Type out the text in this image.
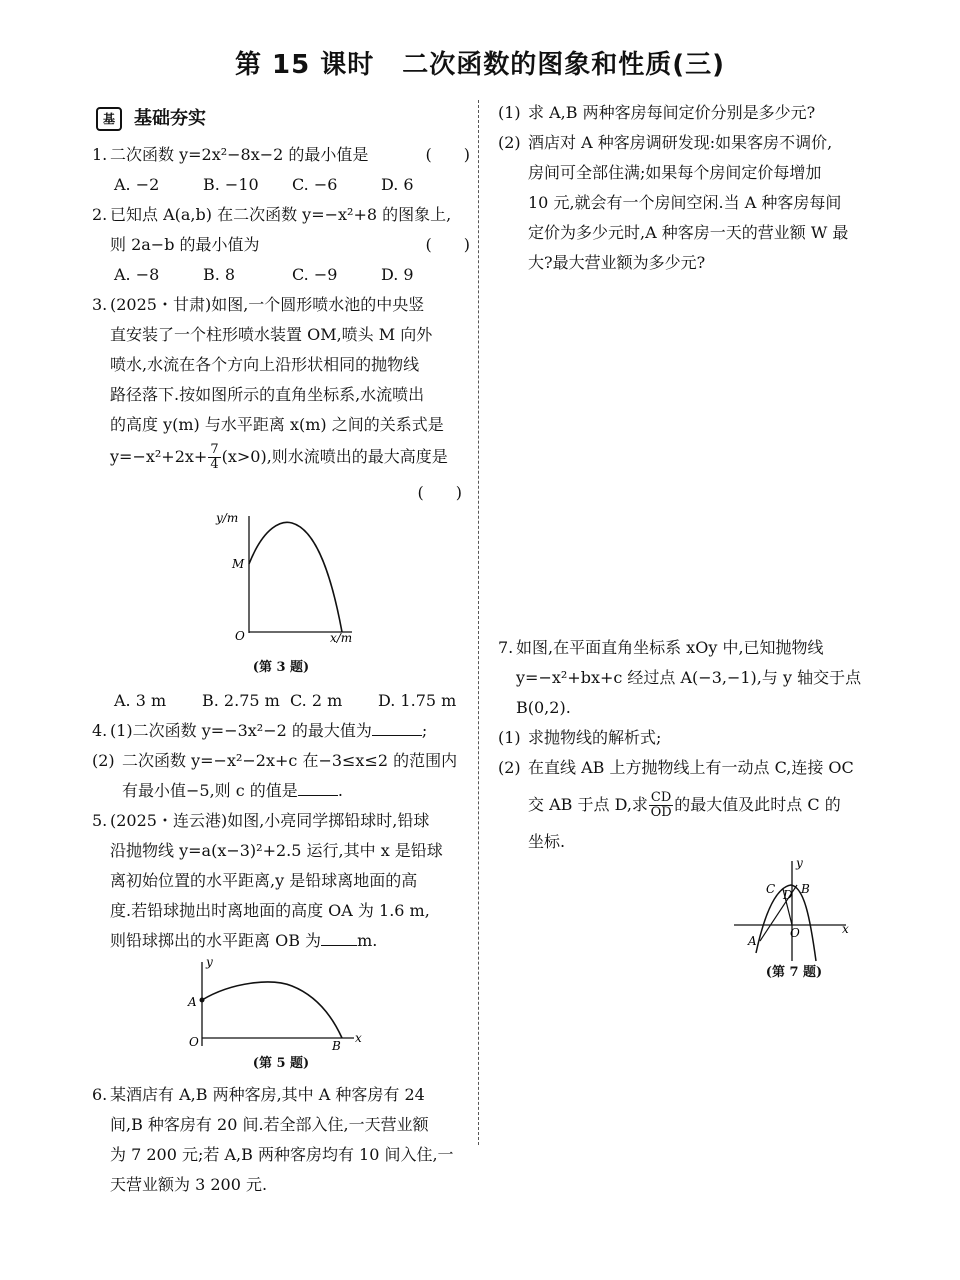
第 15 课时 二次函数的图象和性质(三)
基	基础夯实
1. 二次函数 y=2x²−8x−2 的最小值是	(　　)
A. −2	B. −10	C. −6	D. 6
2. 已知点 A(a,b) 在二次函数 y=−x²+8 的图象上,
则 2a−b 的最小值为	(　　)
A. −8	B. 8	C. −9	D. 9
3. (2025・甘肃)如图,一个圆形喷水池的中央竖
直安装了一个柱形喷水装置 OM,喷头 M 向外
喷水,水流在各个方向上沿形状相同的抛物线
路径落下.按如图所示的直角坐标系,水流喷出
的高度 y(m) 与水平距离 x(m) 之间的关系式是
$y=-x^2+2x+ \frac{7}{4} (x>0)$,则水流喷出的最大高度是
(　　)
y/m
M
O	x/m
(第 3 题)
A. 3 m	B. 2.75 m C. 2 m	D. 1.75 m
4. (1)二次函数 y=−3x²−2 的最大值为	;
(2) 二次函数 y=−x²−2x+c 在−3≤x≤2 的范围内
有最小值−5,则 c 的值是	.
5. (2025・连云港)如图,小亮同学掷铅球时,铅球
沿抛物线 y=a(x−3)²+2.5 运行,其中 x 是铅球
离初始位置的水平距离,y 是铅球离地面的高
度.若铅球抛出时离地面的高度 OA 为 1.6 m,
则铅球掷出的水平距离 OB 为 m.
y
A
O	B
x
(第 5 题)
6. 某酒店有 A,B 两种客房,其中 A 种客房有 24
间,B 种客房有 20 间.若全部入住,一天营业额
为 7 200 元;若 A,B 两种客房均有 10 间入住,一
天营业额为 3 200 元.
(1) 求 A,B 两种客房每间定价分别是多少元?
(2) 酒店对 A 种客房调研发现:如果客房不调价,
房间可全部住满;如果每个房间定价每增加
10 元,就会有一个房间空闲.当 A 种客房每间
定价为多少元时,A 种客房一天的营业额 W 最
大?最大营业额为多少元?
7. 如图,在平面直角坐标系 xOy 中,已知抛物线
y=−x²+bx+c 经过点 A(−3,−1),与 y 轴交于点
B(0,2).
(1) 求抛物线的解析式;
(2) 在直线 AB 上方抛物线上有一动点 C,连接 OC
交 AB 于点 D,求 $\frac{CD}{OD}$ 的最大值及此时点 C 的
坐标.
y
C D B
O
A
x
(第 7 题)
